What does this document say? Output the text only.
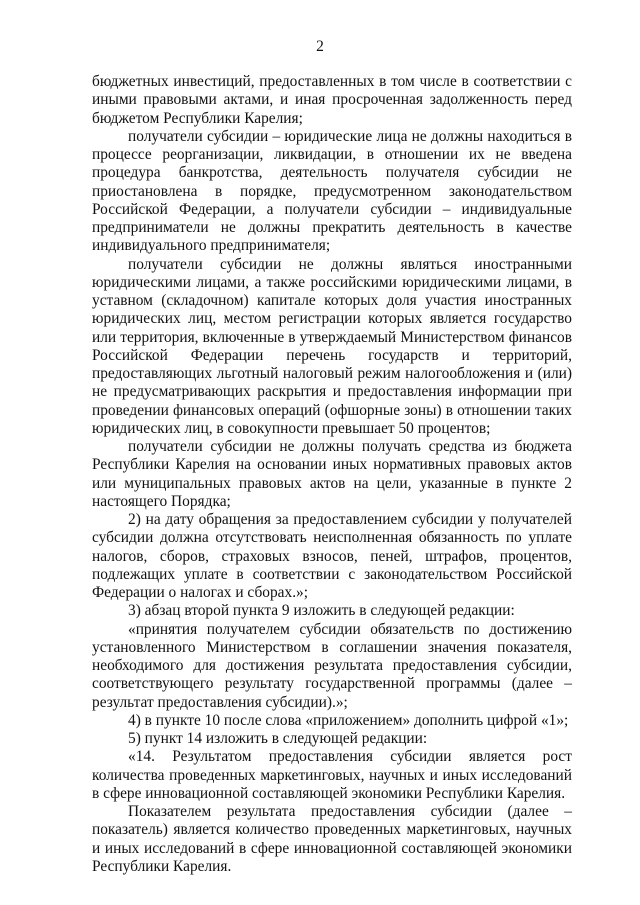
2

бюджетных инвестиций, предоставленных в том числе в соответствии с иными правовыми актами, и иная просроченная задолженность перед бюджетом Республики Карелия;

получатели субсидии – юридические лица не должны находиться в процессе реорганизации, ликвидации, в отношении их не введена процедура банкротства, деятельность получателя субсидии не приостановлена в порядке, предусмотренном законодательством Российской Федерации, а получатели субсидии – индивидуальные предприниматели не должны прекратить деятельность в качестве индивидуального предпринимателя;

получатели субсидии не должны являться иностранными юридическими лицами, а также российскими юридическими лицами, в уставном (складочном) капитале которых доля участия иностранных юридических лиц, местом регистрации которых является государство или территория, включенные в утверждаемый Министерством финансов Российской Федерации перечень государств и территорий, предоставляющих льготный налоговый режим налогообложения и (или) не предусматривающих раскрытия и предоставления информации при проведении финансовых операций (офшорные зоны) в отношении таких юридических лиц, в совокупности превышает 50 процентов;

получатели субсидии не должны получать средства из бюджета Республики Карелия на основании иных нормативных правовых актов или муниципальных правовых актов на цели, указанные в пункте 2 настоящего Порядка;

2) на дату обращения за предоставлением субсидии у получателей субсидии должна отсутствовать неисполненная обязанность по уплате налогов, сборов, страховых взносов, пеней, штрафов, процентов, подлежащих уплате в соответствии с законодательством Российской Федерации о налогах и сборах.»;

3) абзац второй пункта 9 изложить в следующей редакции:

«принятия получателем субсидии обязательств по достижению установленного Министерством в соглашении значения показателя, необходимого для достижения результата предоставления субсидии, соответствующего результату государственной программы (далее – результат предоставления субсидии).»;

4) в пункте 10 после слова «приложением» дополнить цифрой «1»;

5) пункт 14 изложить в следующей редакции:

«14. Результатом предоставления субсидии является рост количества проведенных маркетинговых, научных и иных исследований в сфере инновационной составляющей экономики Республики Карелия.

Показателем результата предоставления субсидии (далее – показатель) является количество проведенных маркетинговых, научных и иных исследований в сфере инновационной составляющей экономики Республики Карелия.
